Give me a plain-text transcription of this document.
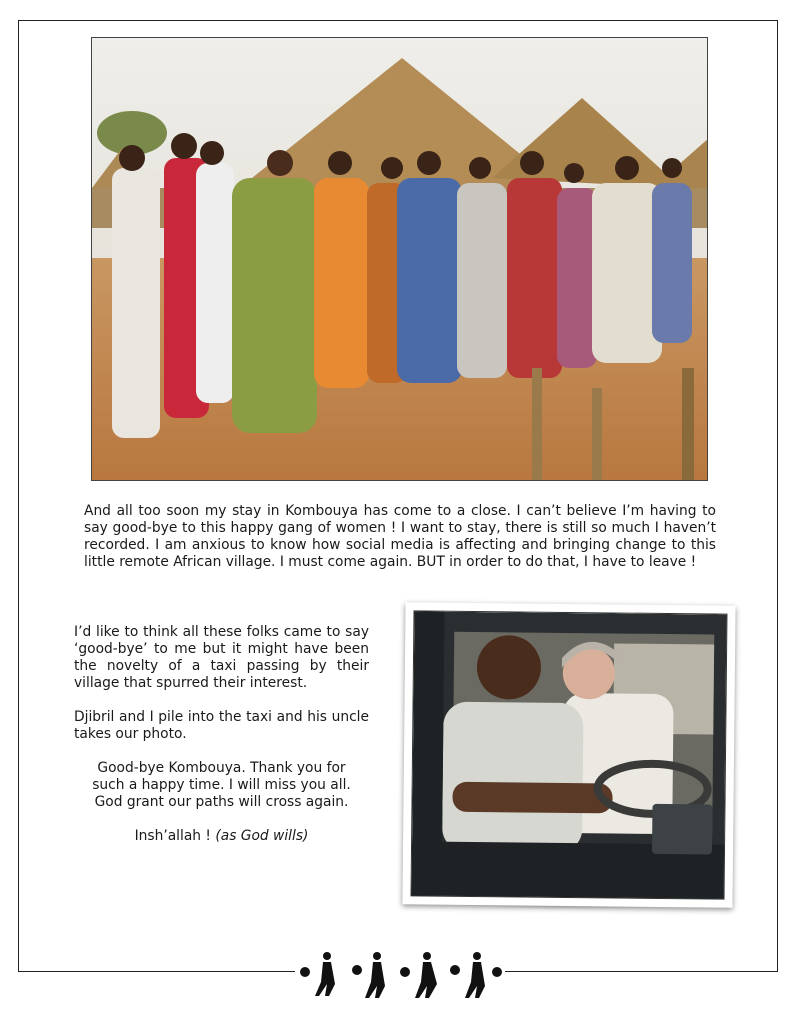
And all too soon my stay in Kombouya has come to a close. I can’t believe I’m having to say good-bye to this happy gang of women ! I want to stay, there is still so much I haven’t recorded. I am anxious to know how social media is affecting and bringing change to this little remote African village. I must come again. BUT in order to do that, I have to leave !

I’d like to think all these folks came to say ‘good-bye’ to me but it might have been the novelty of a taxi passing by their village that spurred their interest.

Djibril and I pile into the taxi and his uncle takes our photo.

Good-bye Kombouya. Thank you for
such a happy time. I will miss you all.
God grant our paths will cross again.

Insh’allah ! (as God wills)
